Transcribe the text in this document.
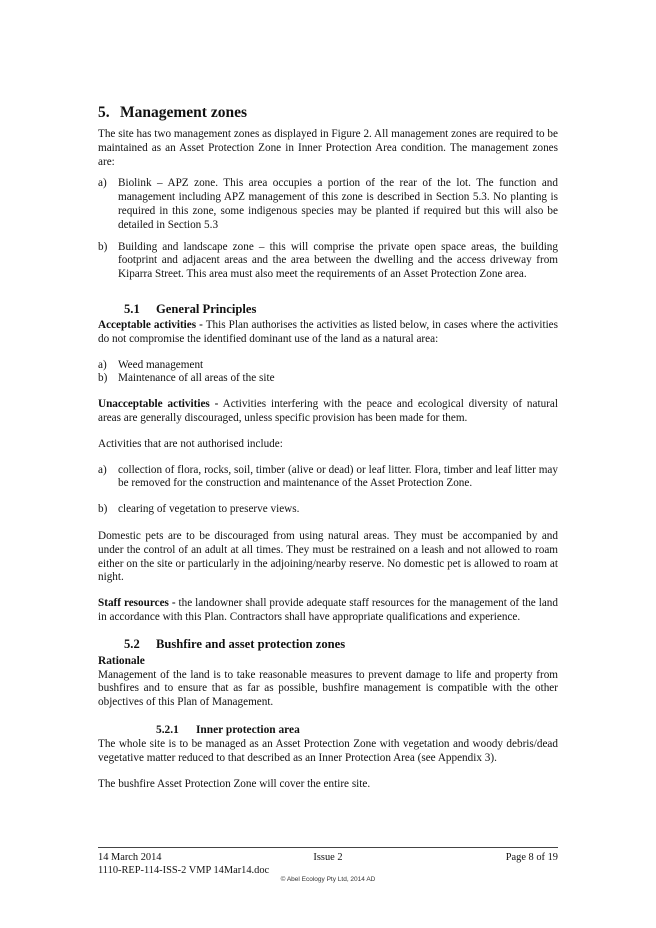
5. Management zones

The site has two management zones as displayed in Figure 2. All management zones are required to be maintained as an Asset Protection Zone in Inner Protection Area condition. The management zones are:

a) Biolink – APZ zone. This area occupies a portion of the rear of the lot. The function and management including APZ management of this zone is described in Section 5.3. No planting is required in this zone, some indigenous species may be planted if required but this will also be detailed in Section 5.3
b) Building and landscape zone – this will comprise the private open space areas, the building footprint and adjacent areas and the area between the dwelling and the access driveway from Kiparra Street. This area must also meet the requirements of an Asset Protection Zone area.
5.1 General Principles

Acceptable activities - This Plan authorises the activities as listed below, in cases where the activities do not compromise the identified dominant use of the land as a natural area:

a) Weed management
b) Maintenance of all areas of the site

Unacceptable activities - Activities interfering with the peace and ecological diversity of natural areas are generally discouraged, unless specific provision has been made for them.

Activities that are not authorised include:

a) collection of flora, rocks, soil, timber (alive or dead) or leaf litter. Flora, timber and leaf litter may be removed for the construction and maintenance of the Asset Protection Zone.
b) clearing of vegetation to preserve views.

Domestic pets are to be discouraged from using natural areas. They must be accompanied by and under the control of an adult at all times. They must be restrained on a leash and not allowed to roam either on the site or particularly in the adjoining/nearby reserve. No domestic pet is allowed to roam at night.

Staff resources - the landowner shall provide adequate staff resources for the management of the land in accordance with this Plan. Contractors shall have appropriate qualifications and experience.

5.2 Bushfire and asset protection zones
Rationale

Management of the land is to take reasonable measures to prevent damage to life and property from bushfires and to ensure that as far as possible, bushfire management is compatible with the other objectives of this Plan of Management.

5.2.1 Inner protection area

The whole site is to be managed as an Asset Protection Zone with vegetation and woody debris/dead vegetative matter reduced to that described as an Inner Protection Area (see Appendix 3).

The bushfire Asset Protection Zone will cover the entire site.

14 March 2014	Issue 2	Page 8 of 19
1110-REP-114-ISS-2 VMP 14Mar14.doc
© Abel Ecology Pty Ltd, 2014 AD
